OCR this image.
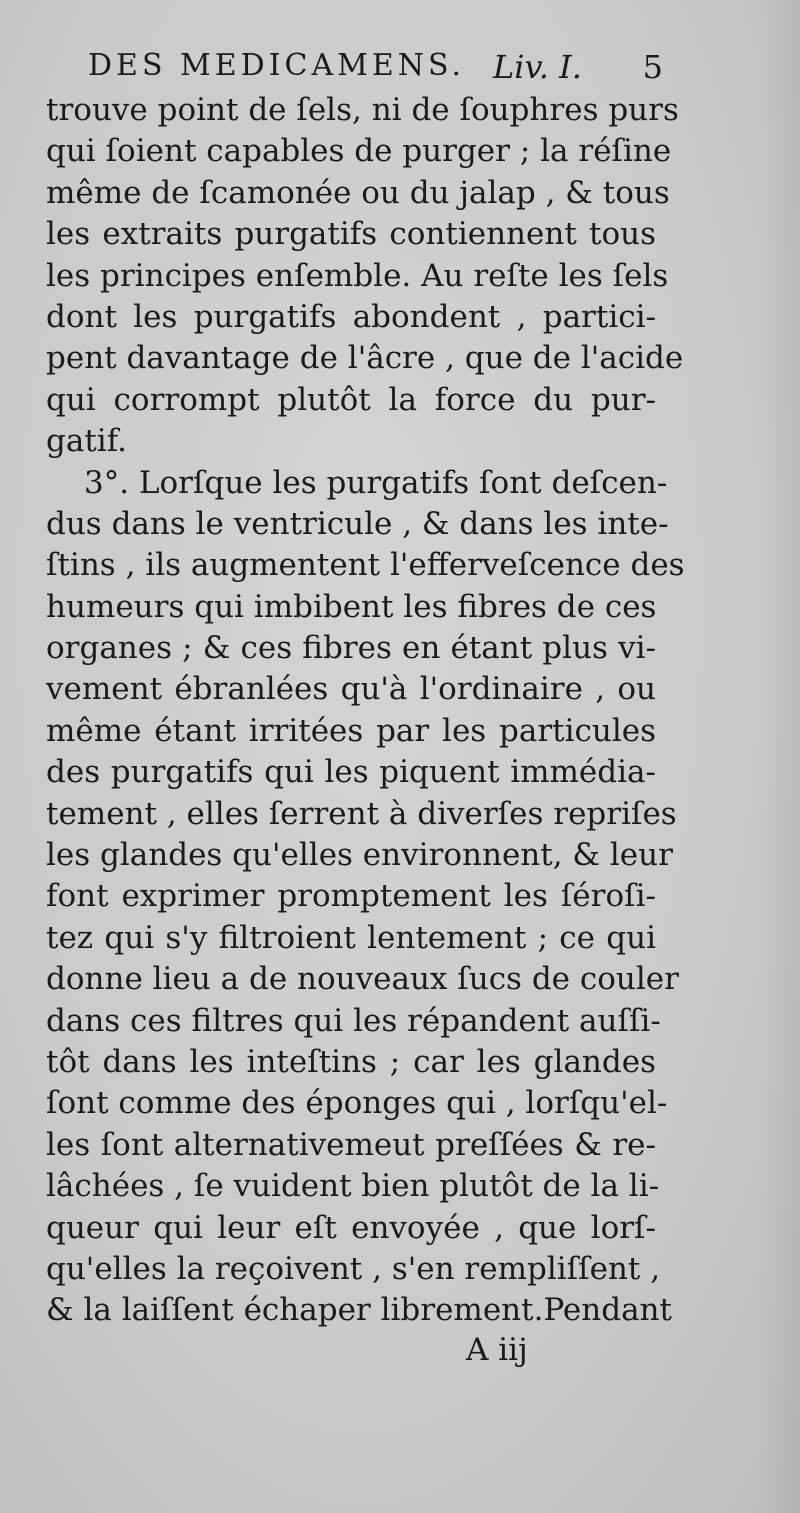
DES MEDICAMENS. Liv. I. 5
trouve point de ſels, ni de ſouphres purs
qui ſoient capables de purger ; la réſine
même de ſcamonée ou du jalap , & tous
les extraits purgatifs contiennent tous
les principes enſemble. Au reſte les ſels
dont les purgatifs abondent , partici-
pent davantage de l'âcre , que de l'acide
qui corrompt plutôt la force du pur-
gatif.
3°. Lorſque les purgatifs ſont deſcen-
dus dans le ventricule , & dans les inte-
ſtins , ils augmentent l'efferveſcence des
humeurs qui imbibent les fibres de ces
organes ; & ces fibres en étant plus vi-
vement ébranlées qu'à l'ordinaire , ou
même étant irritées par les particules
des purgatifs qui les piquent immédia-
tement , elles ſerrent à diverſes repriſes
les glandes qu'elles environnent, & leur
font exprimer promptement les ſéroſi-
tez qui s'y filtroient lentement ; ce qui
donne lieu a de nouveaux ſucs de couler
dans ces filtres qui les répandent auſſi-
tôt dans les inteſtins ; car les glandes
ſont comme des éponges qui , lorſqu'el-
les ſont alternativemeut preſſées & re-
lâchées , ſe vuident bien plutôt de la li-
queur qui leur eſt envoyée , que lorſ-
qu'elles la reçoivent , s'en rempliſſent ,
& la laiſſent échaper librement.Pendant
A iij
